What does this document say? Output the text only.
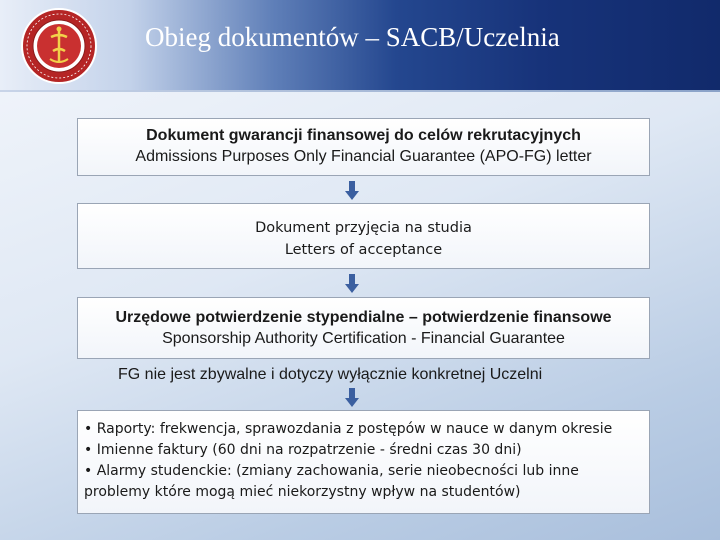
Obieg dokumentów – SACB/Uczelnia
Dokument gwarancji finansowej do celów rekrutacyjnych
Admissions Purposes Only Financial Guarantee (APO-FG) letter
Dokument przyjęcia na studia
Letters of acceptance
Urzędowe potwierdzenie stypendialne – potwierdzenie finansowe
Sponsorship Authority Certification - Financial Guarantee
FG nie jest zbywalne i dotyczy wyłącznie konkretnej Uczelni
• Raporty: frekwencja, sprawozdania z postępów w nauce w danym okresie
• Imienne faktury (60 dni na rozpatrzenie - średni czas 30 dni)
• Alarmy studenckie: (zmiany zachowania, serie nieobecności lub inne
problemy które mogą mieć niekorzystny wpływ na studentów)
